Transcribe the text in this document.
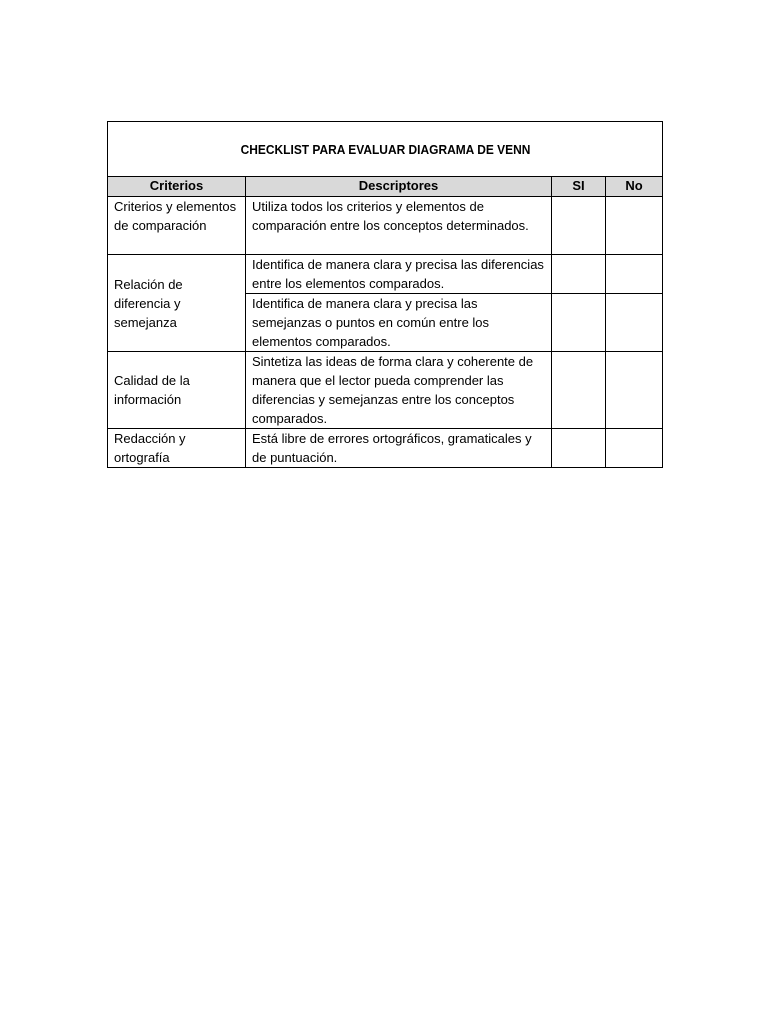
CHECKLIST PARA EVALUAR DIAGRAMA DE VENN			
Criterios	Descriptores	SI	No
Criterios y elementos de comparación	Utiliza todos los criterios y elementos de comparación entre los conceptos determinados.		
Relación de diferencia y semejanza	Identifica de manera clara y precisa las diferencias entre los elementos comparados.		
	Identifica de manera clara y precisa las semejanzas o puntos en común entre los elementos comparados.		
Calidad de la información	Sintetiza las ideas de forma clara y coherente de manera que el lector pueda comprender las diferencias y semejanzas entre los conceptos comparados.		
Redacción y ortografía	Está libre de errores ortográficos, gramaticales y de puntuación.		
